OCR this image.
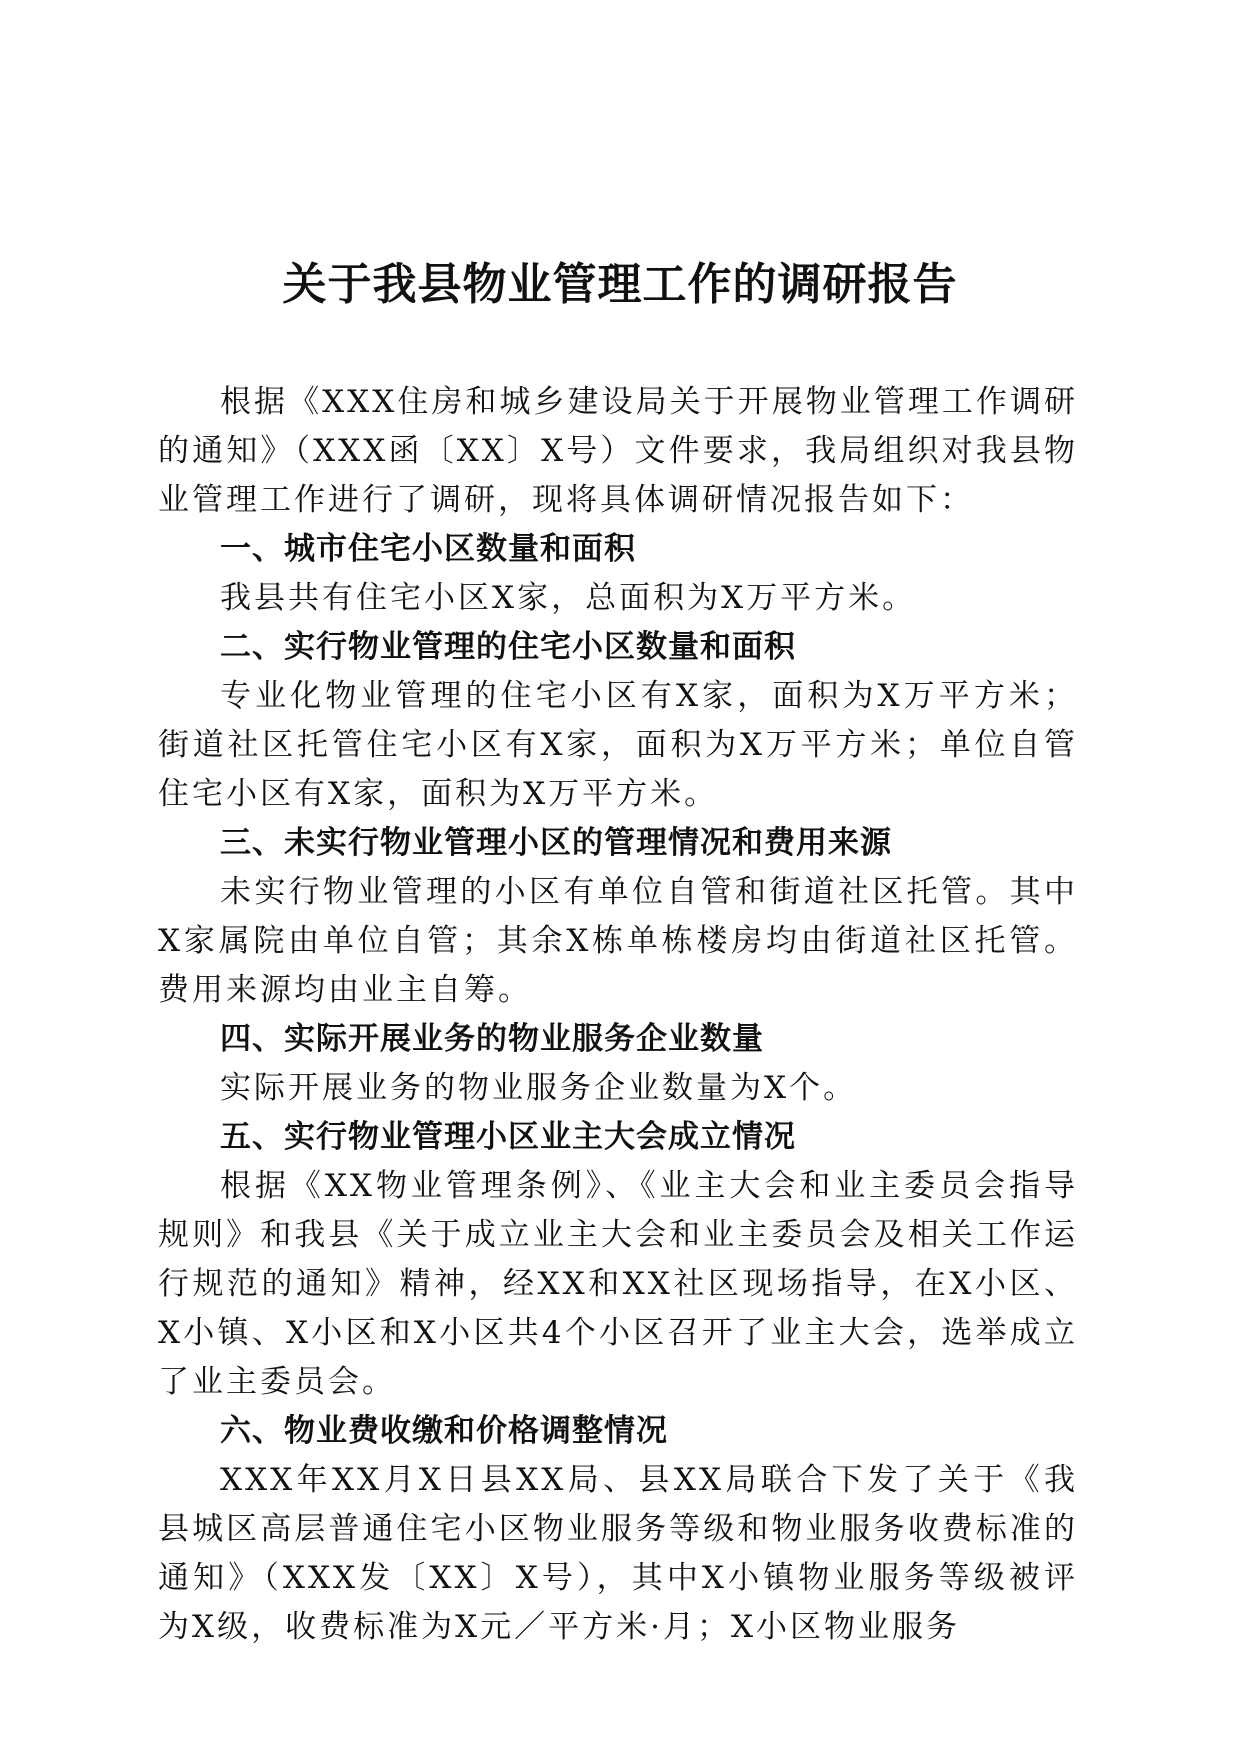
关于我县物业管理工作的调研报告

根据《XXX住房和城乡建设局关于开展物业管理工作调研的通知》（XXX函〔XX〕X号）文件要求，我局组织对我县物业管理工作进行了调研，现将具体调研情况报告如下：

一、城市住宅小区数量和面积

我县共有住宅小区X家，总面积为X万平方米。

二、实行物业管理的住宅小区数量和面积

专业化物业管理的住宅小区有X家，面积为X万平方米；街道社区托管住宅小区有X家，面积为X万平方米；单位自管住宅小区有X家，面积为X万平方米。

三、未实行物业管理小区的管理情况和费用来源

未实行物业管理的小区有单位自管和街道社区托管。其中X家属院由单位自管；其余X栋单栋楼房均由街道社区托管。费用来源均由业主自筹。

四、实际开展业务的物业服务企业数量

实际开展业务的物业服务企业数量为X个。

五、实行物业管理小区业主大会成立情况

根据《XX物业管理条例》、《业主大会和业主委员会指导规则》和我县《关于成立业主大会和业主委员会及相关工作运行规范的通知》精神，经XX和XX社区现场指导，在X小区、X小镇、X小区和X小区共4个小区召开了业主大会，选举成立了业主委员会。

六、物业费收缴和价格调整情况

XXX年XX月X日县XX局、县XX局联合下发了关于《我县城区高层普通住宅小区物业服务等级和物业服务收费标准的通知》（XXX发〔XX〕X号），其中X小镇物业服务等级被评为X级，收费标准为X元／平方米·月；X小区物业服务
